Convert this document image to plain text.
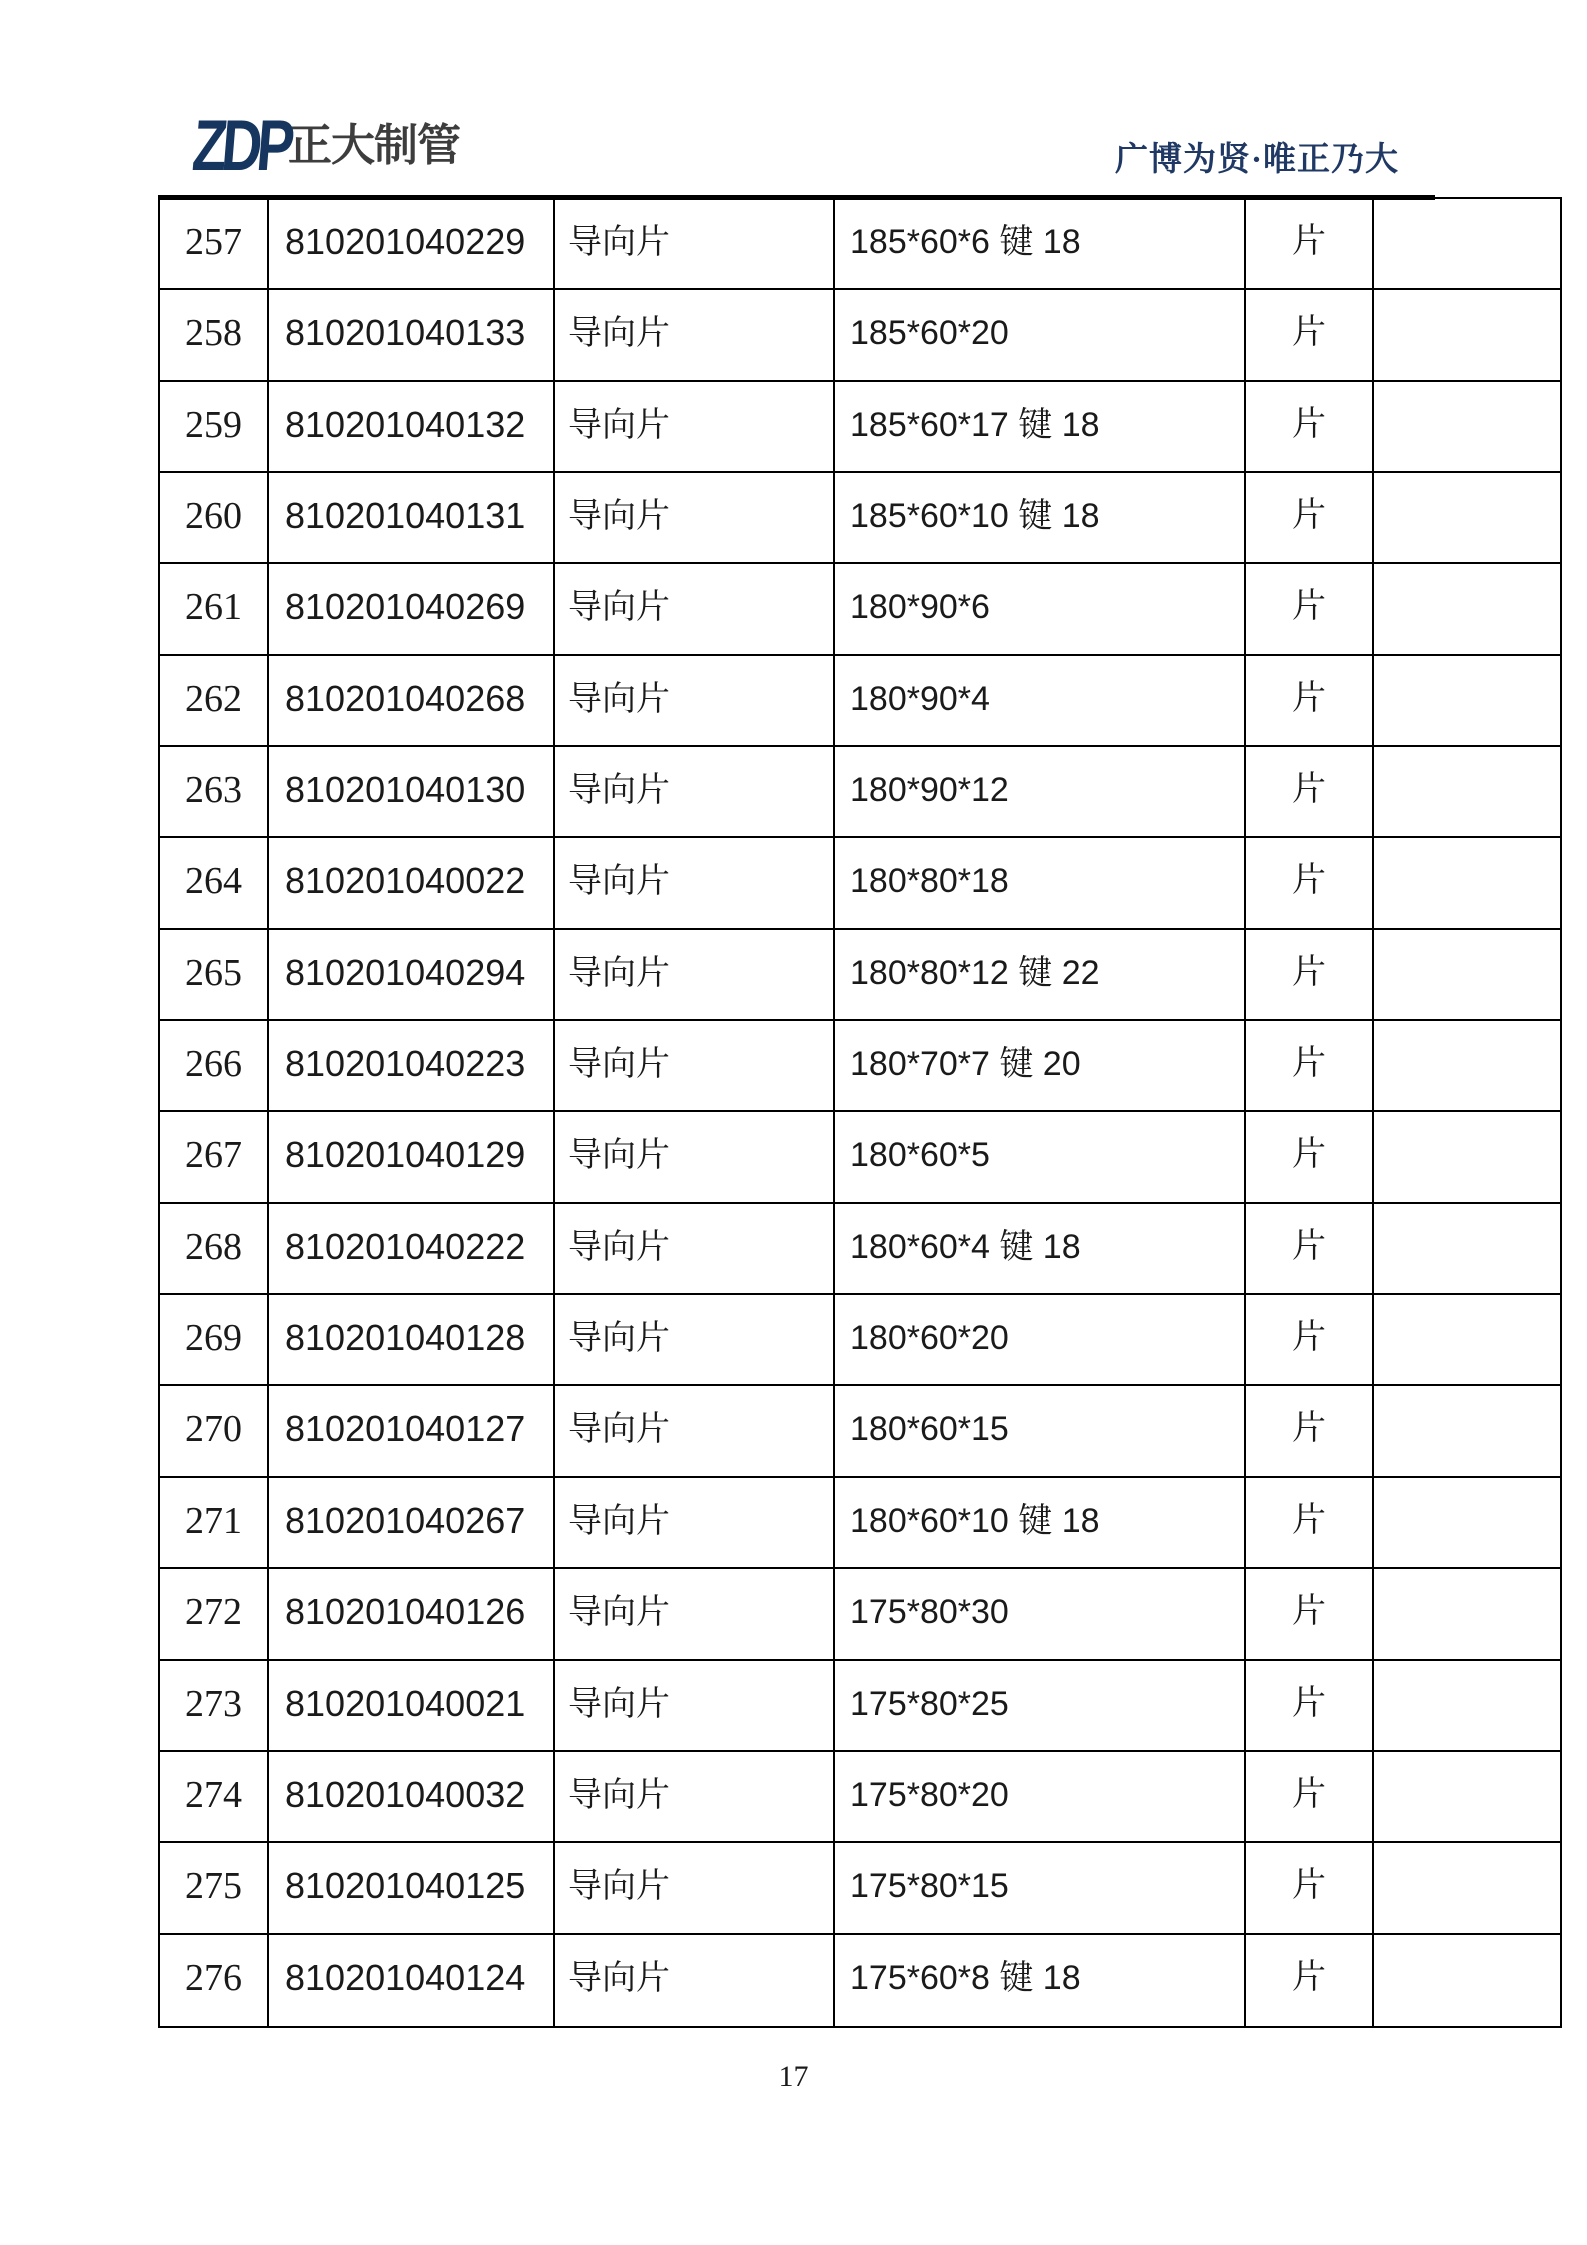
ZDP
正大制管	广博为贤·唯正乃大
257	810201040229	导向片	185*60*6 键 18	片
258	810201040133	导向片	185*60*20	片
259	810201040132	导向片	185*60*17 键 18	片
260	810201040131	导向片	185*60*10 键 18	片
261	810201040269	导向片	180*90*6	片
262	810201040268	导向片	180*90*4	片
263	810201040130	导向片	180*90*12	片
264	810201040022	导向片	180*80*18	片
265	810201040294	导向片	180*80*12 键 22	片
266	810201040223	导向片	180*70*7 键 20	片
267	810201040129	导向片	180*60*5	片
268	810201040222	导向片	180*60*4 键 18	片
269	810201040128	导向片	180*60*20	片
270	810201040127	导向片	180*60*15	片
271	810201040267	导向片	180*60*10 键 18	片
272	810201040126	导向片	175*80*30	片
273	810201040021	导向片	175*80*25	片
274	810201040032	导向片	175*80*20	片
275	810201040125	导向片	175*80*15	片
276	810201040124	导向片	175*60*8 键 18	片
17
